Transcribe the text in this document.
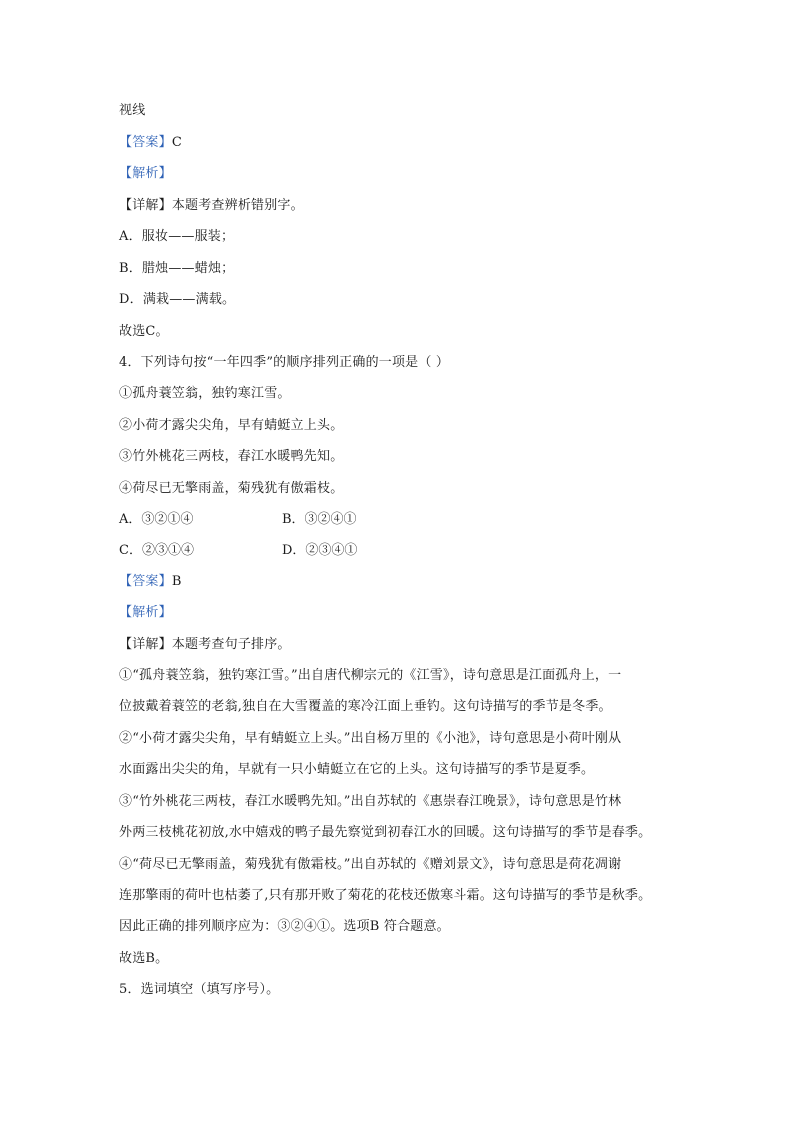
视线
【答案】C
【解析】
【详解】本题考查辨析错别字。
A．服妆——服装；
B．腊烛——蜡烛；
D．满栽——满载。
故选C。
4．下列诗句按“一年四季”的顺序排列正确的一项是（ ）
①孤舟蓑笠翁，独钓寒江雪。
②小荷才露尖尖角，早有蜻蜓立上头。
③竹外桃花三两枝，春江水暖鸭先知。
④荷尽已无擎雨盖，菊残犹有傲霜枝。
A．③②①④	B．③②④①
C．②③①④	D．②③④①
【答案】B
【解析】
【详解】本题考查句子排序。
①“孤舟蓑笠翁，独钓寒江雪。”出自唐代柳宗元的《江雪》，诗句意思是江面孤舟上，一
位披戴着蓑笠的老翁,独自在大雪覆盖的寒冷江面上垂钓。这句诗描写的季节是冬季。
②“小荷才露尖尖角，早有蜻蜓立上头。”出自杨万里的《小池》，诗句意思是小荷叶刚从
水面露出尖尖的角，早就有一只小蜻蜓立在它的上头。这句诗描写的季节是夏季。
③“竹外桃花三两枝，春江水暖鸭先知。”出自苏轼的《惠崇春江晚景》，诗句意思是竹林
外两三枝桃花初放,水中嬉戏的鸭子最先察觉到初春江水的回暖。这句诗描写的季节是春季。
④“荷尽已无擎雨盖，菊残犹有傲霜枝。”出自苏轼的《赠刘景文》，诗句意思是荷花凋谢
连那擎雨的荷叶也枯萎了,只有那开败了菊花的花枝还傲寒斗霜。这句诗描写的季节是秋季。
因此正确的排列顺序应为：③②④①。选项B 符合题意。
故选B。
5．选词填空（填写序号）。
